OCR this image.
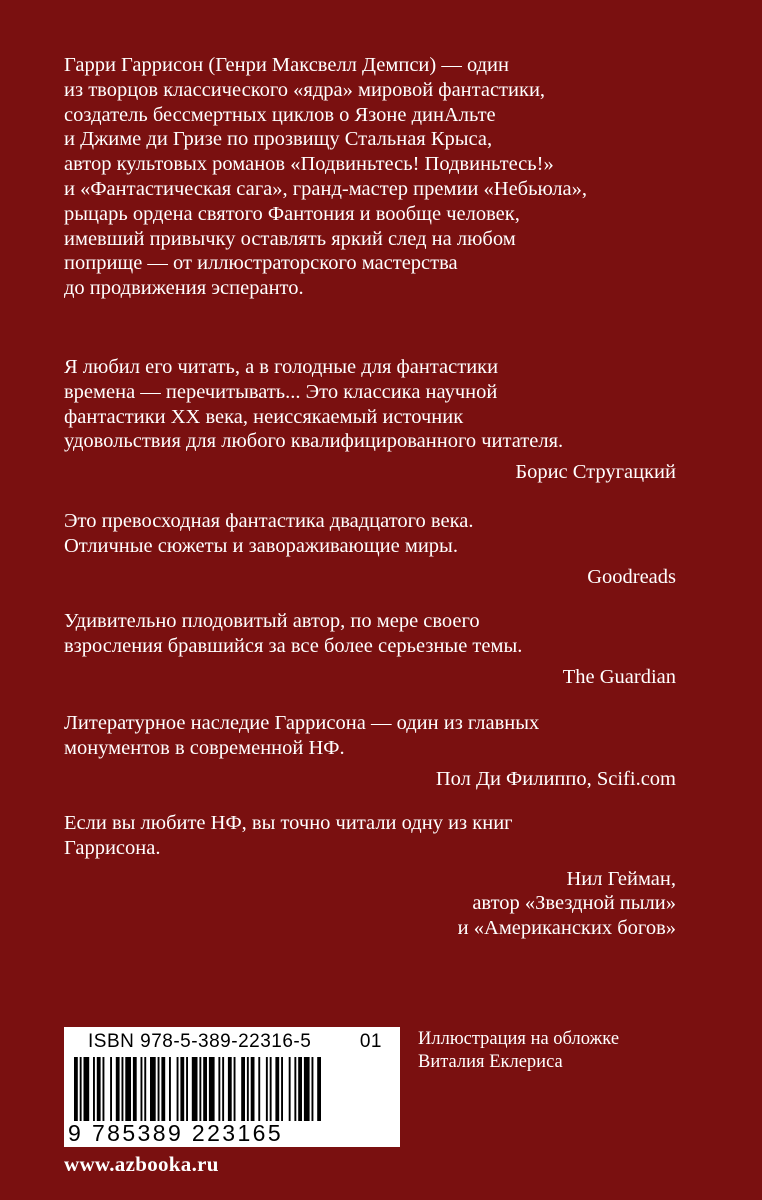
Гарри Гаррисон (Генри Максвелл Демпси) — один
из творцов классического «ядра» мировой фантастики,
создатель бессмертных циклов о Язоне динАльте
и Джиме ди Гризе по прозвищу Стальная Крыса,
автор культовых романов «Подвиньтесь! Подвиньтесь!»
и «Фантастическая сага», гранд-мастер премии «Небьюла»,
рыцарь ордена святого Фантония и вообще человек,
имевший привычку оставлять яркий след на любом
поприще — от иллюстраторского мастерства
до продвижения эсперанто.
Я любил его читать, а в голодные для фантастики
времена — перечитывать... Это классика научной
фантастики XX века, неиссякаемый источник
удовольствия для любого квалифицированного читателя.
Борис Стругацкий
Это превосходная фантастика двадцатого века.
Отличные сюжеты и завораживающие миры.
Goodreads
Удивительно плодовитый автор, по мере своего
взросления бравшийся за все более серьезные темы.
The Guardian
Литературное наследие Гаррисона — один из главных
монументов в современной НФ.
Пол Ди Филиппо, Scifi.com
Если вы любите НФ, вы точно читали одну из книг
Гаррисона.
Нил Гейман,
автор «Звездной пыли»
и «Американских богов»
ISBN 978-5-389-22316-5	01
9 785389 223165
Иллюстрация на обложке
Виталия Еклериса
www.azbooka.ru
